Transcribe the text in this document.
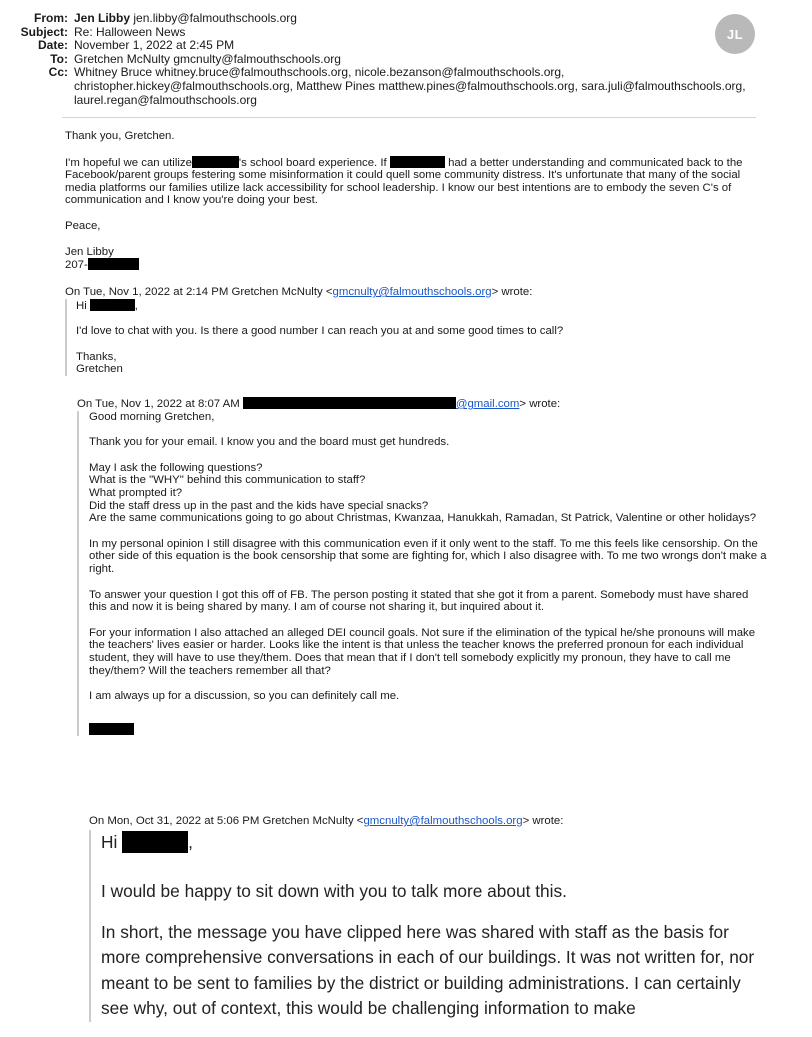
From: Jen Libby jen.libby@falmouthschools.org
Subject: Re: Halloween News
Date: November 1, 2022 at 2:45 PM
To: Gretchen McNulty gmcnulty@falmouthschools.org
Cc: Whitney Bruce whitney.bruce@falmouthschools.org, nicole.bezanson@falmouthschools.org,
christopher.hickey@falmouthschools.org, Matthew Pines matthew.pines@falmouthschools.org, sara.juli@falmouthschools.org,
laurel.regan@falmouthschools.org
JL

Thank you, Gretchen.

I'm hopeful we can utilize	's school board experience. If	had a better understanding and communicated back to the Facebook/parent groups festering some misinformation it could quell some community distress. It's unfortunate that many of the social media platforms our families utilize lack accessibility for school leadership. I know our best intentions are to embody the seven C's of communication and I know you're doing your best.

Peace,

Jen Libby
207-

On Tue, Nov 1, 2022 at 2:14 PM Gretchen McNulty <gmcnulty@falmouthschools.org> wrote:

Hi	,

I'd love to chat with you. Is there a good number I can reach you at and some good times to call?

Thanks,
Gretchen

On Tue, Nov 1, 2022 at 8:07 AM	@gmail.com> wrote:

Good morning Gretchen,

Thank you for your email. I know you and the board must get hundreds.

May I ask the following questions?
What is the "WHY" behind this communication to staff?
What prompted it?
Did the staff dress up in the past and the kids have special snacks?
Are the same communications going to go about Christmas, Kwanzaa, Hanukkah, Ramadan, St Patrick, Valentine or other holidays?

In my personal opinion I still disagree with this communication even if it only went to the staff. To me this feels like censorship. On the other side of this equation is the book censorship that some are fighting for, which I also disagree with. To me two wrongs don't make a right.

To answer your question I got this off of FB. The person posting it stated that she got it from a parent. Somebody must have shared this and now it is being shared by many. I am of course not sharing it, but inquired about it.

For your information I also attached an alleged DEI council goals. Not sure if the elimination of the typical he/she pronouns will make the teachers' lives easier or harder. Looks like the intent is that unless the teacher knows the preferred pronoun for each individual student, they will have to use they/them. Does that mean that if I don't tell somebody explicitly my pronoun, they have to call me they/them? Will the teachers remember all that?

I am always up for a discussion, so you can definitely call me.

On Mon, Oct 31, 2022 at 5:06 PM Gretchen McNulty <gmcnulty@falmouthschools.org> wrote:

Hi	,

I would be happy to sit down with you to talk more about this.

In short, the message you have clipped here was shared with staff as the basis for more comprehensive conversations in each of our buildings. It was not written for, nor meant to be sent to families by the district or building administrations. I can certainly see why, out of context, this would be challenging information to make
